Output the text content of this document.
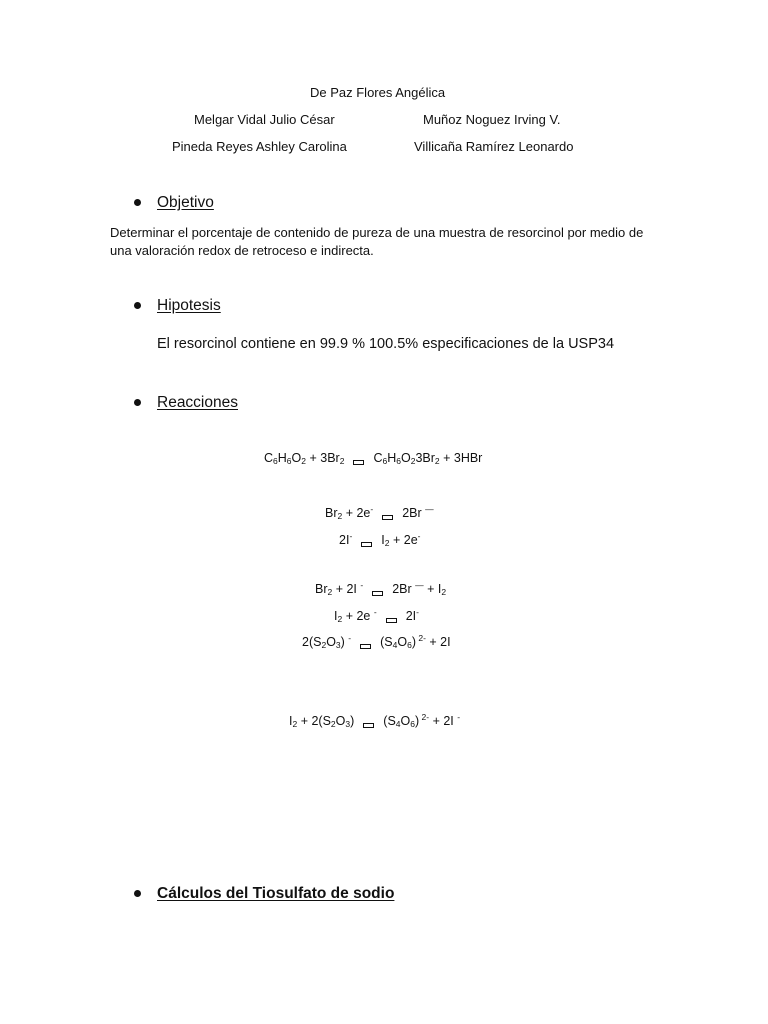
De Paz Flores Angélica
Melgar Vidal Julio César	Muñoz Noguez Irving V.
Pineda Reyes Ashley Carolina	Villicaña Ramírez Leonardo
Objetivo
Determinar el porcentaje de contenido de pureza de una muestra de resorcinol por medio de una valoración redox de retroceso e indirecta.
Hipotesis
El resorcinol contiene en 99.9 % 100.5% especificaciones de la USP34
Reacciones
$C_6H_6O_2 + 3Br_2$ $C_6H_6O_23Br_2 + 3HBr$
$Br_2 + 2e^-$ 2Br —
2I- $I_2 + 2e^-$
$Br_2 + 2I$ - 2Br $^— + I_2$
$I_2 + 2e$ - 2I-
$2(S_2O_3)$ - $(S_4O_6) ^{2-} + 2I$
$I_2 + 2(S_2O_3)$ $(S_4O_6) ^{2-} + 2I$ -
Cálculos del Tiosulfato de sodio
